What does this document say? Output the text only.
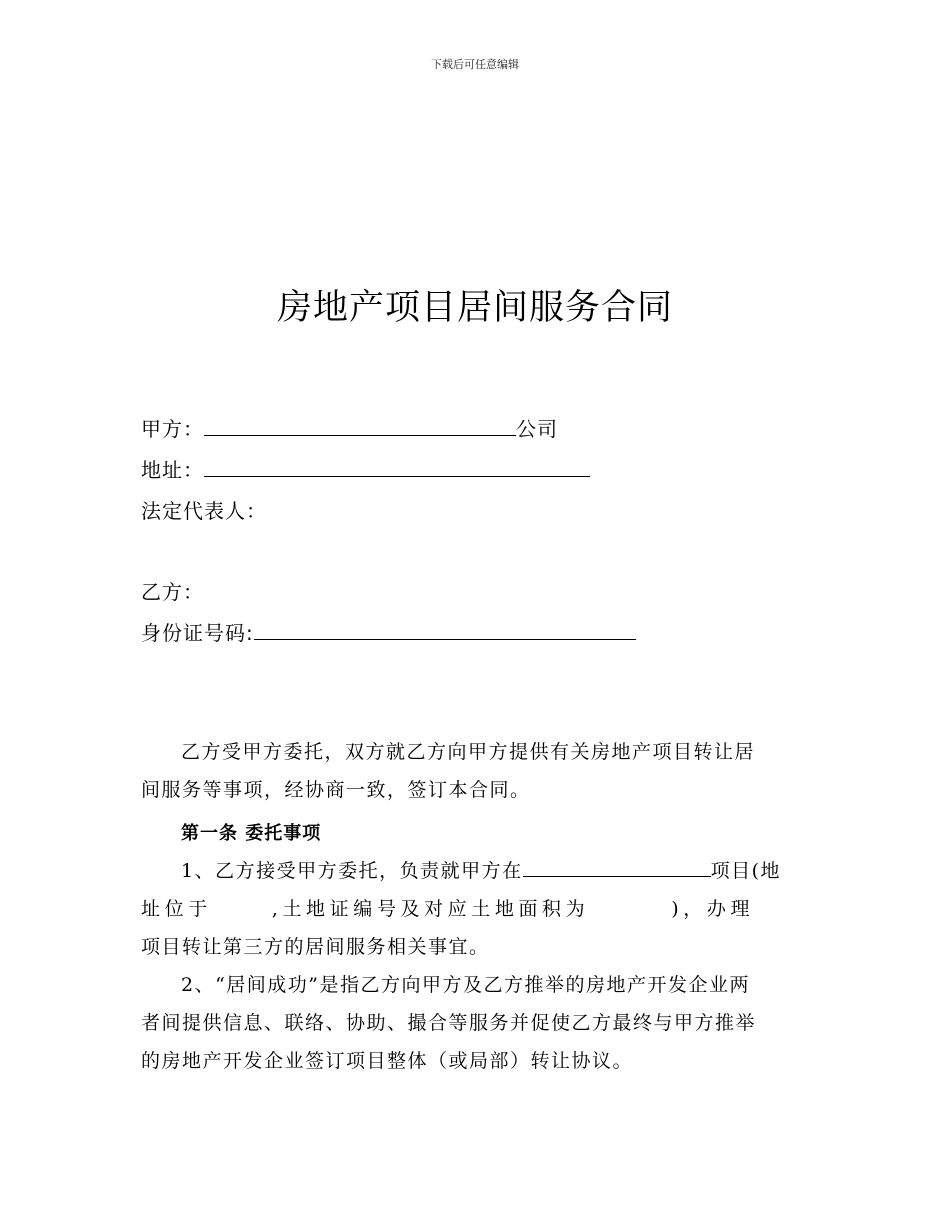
下载后可任意编辑
房地产项目居间服务合同
甲方：	公司
地址：
法定代表人：
乙方：
身份证号码:

乙方受甲方委托，双方就乙方向甲方提供有关房地产项目转让居

间服务等事项，经协商一致，签订本合同。

第一条 委托事项

1、乙方接受甲方委托，负责就甲方在	项目(地

址位于	,土地证编号及对应土地面积为	)，办理

项目转让第三方的居间服务相关事宜。

2、“居间成功”是指乙方向甲方及乙方推举的房地产开发企业两

者间提供信息、联络、协助、撮合等服务并促使乙方最终与甲方推举

的房地产开发企业签订项目整体（或局部）转让协议。
